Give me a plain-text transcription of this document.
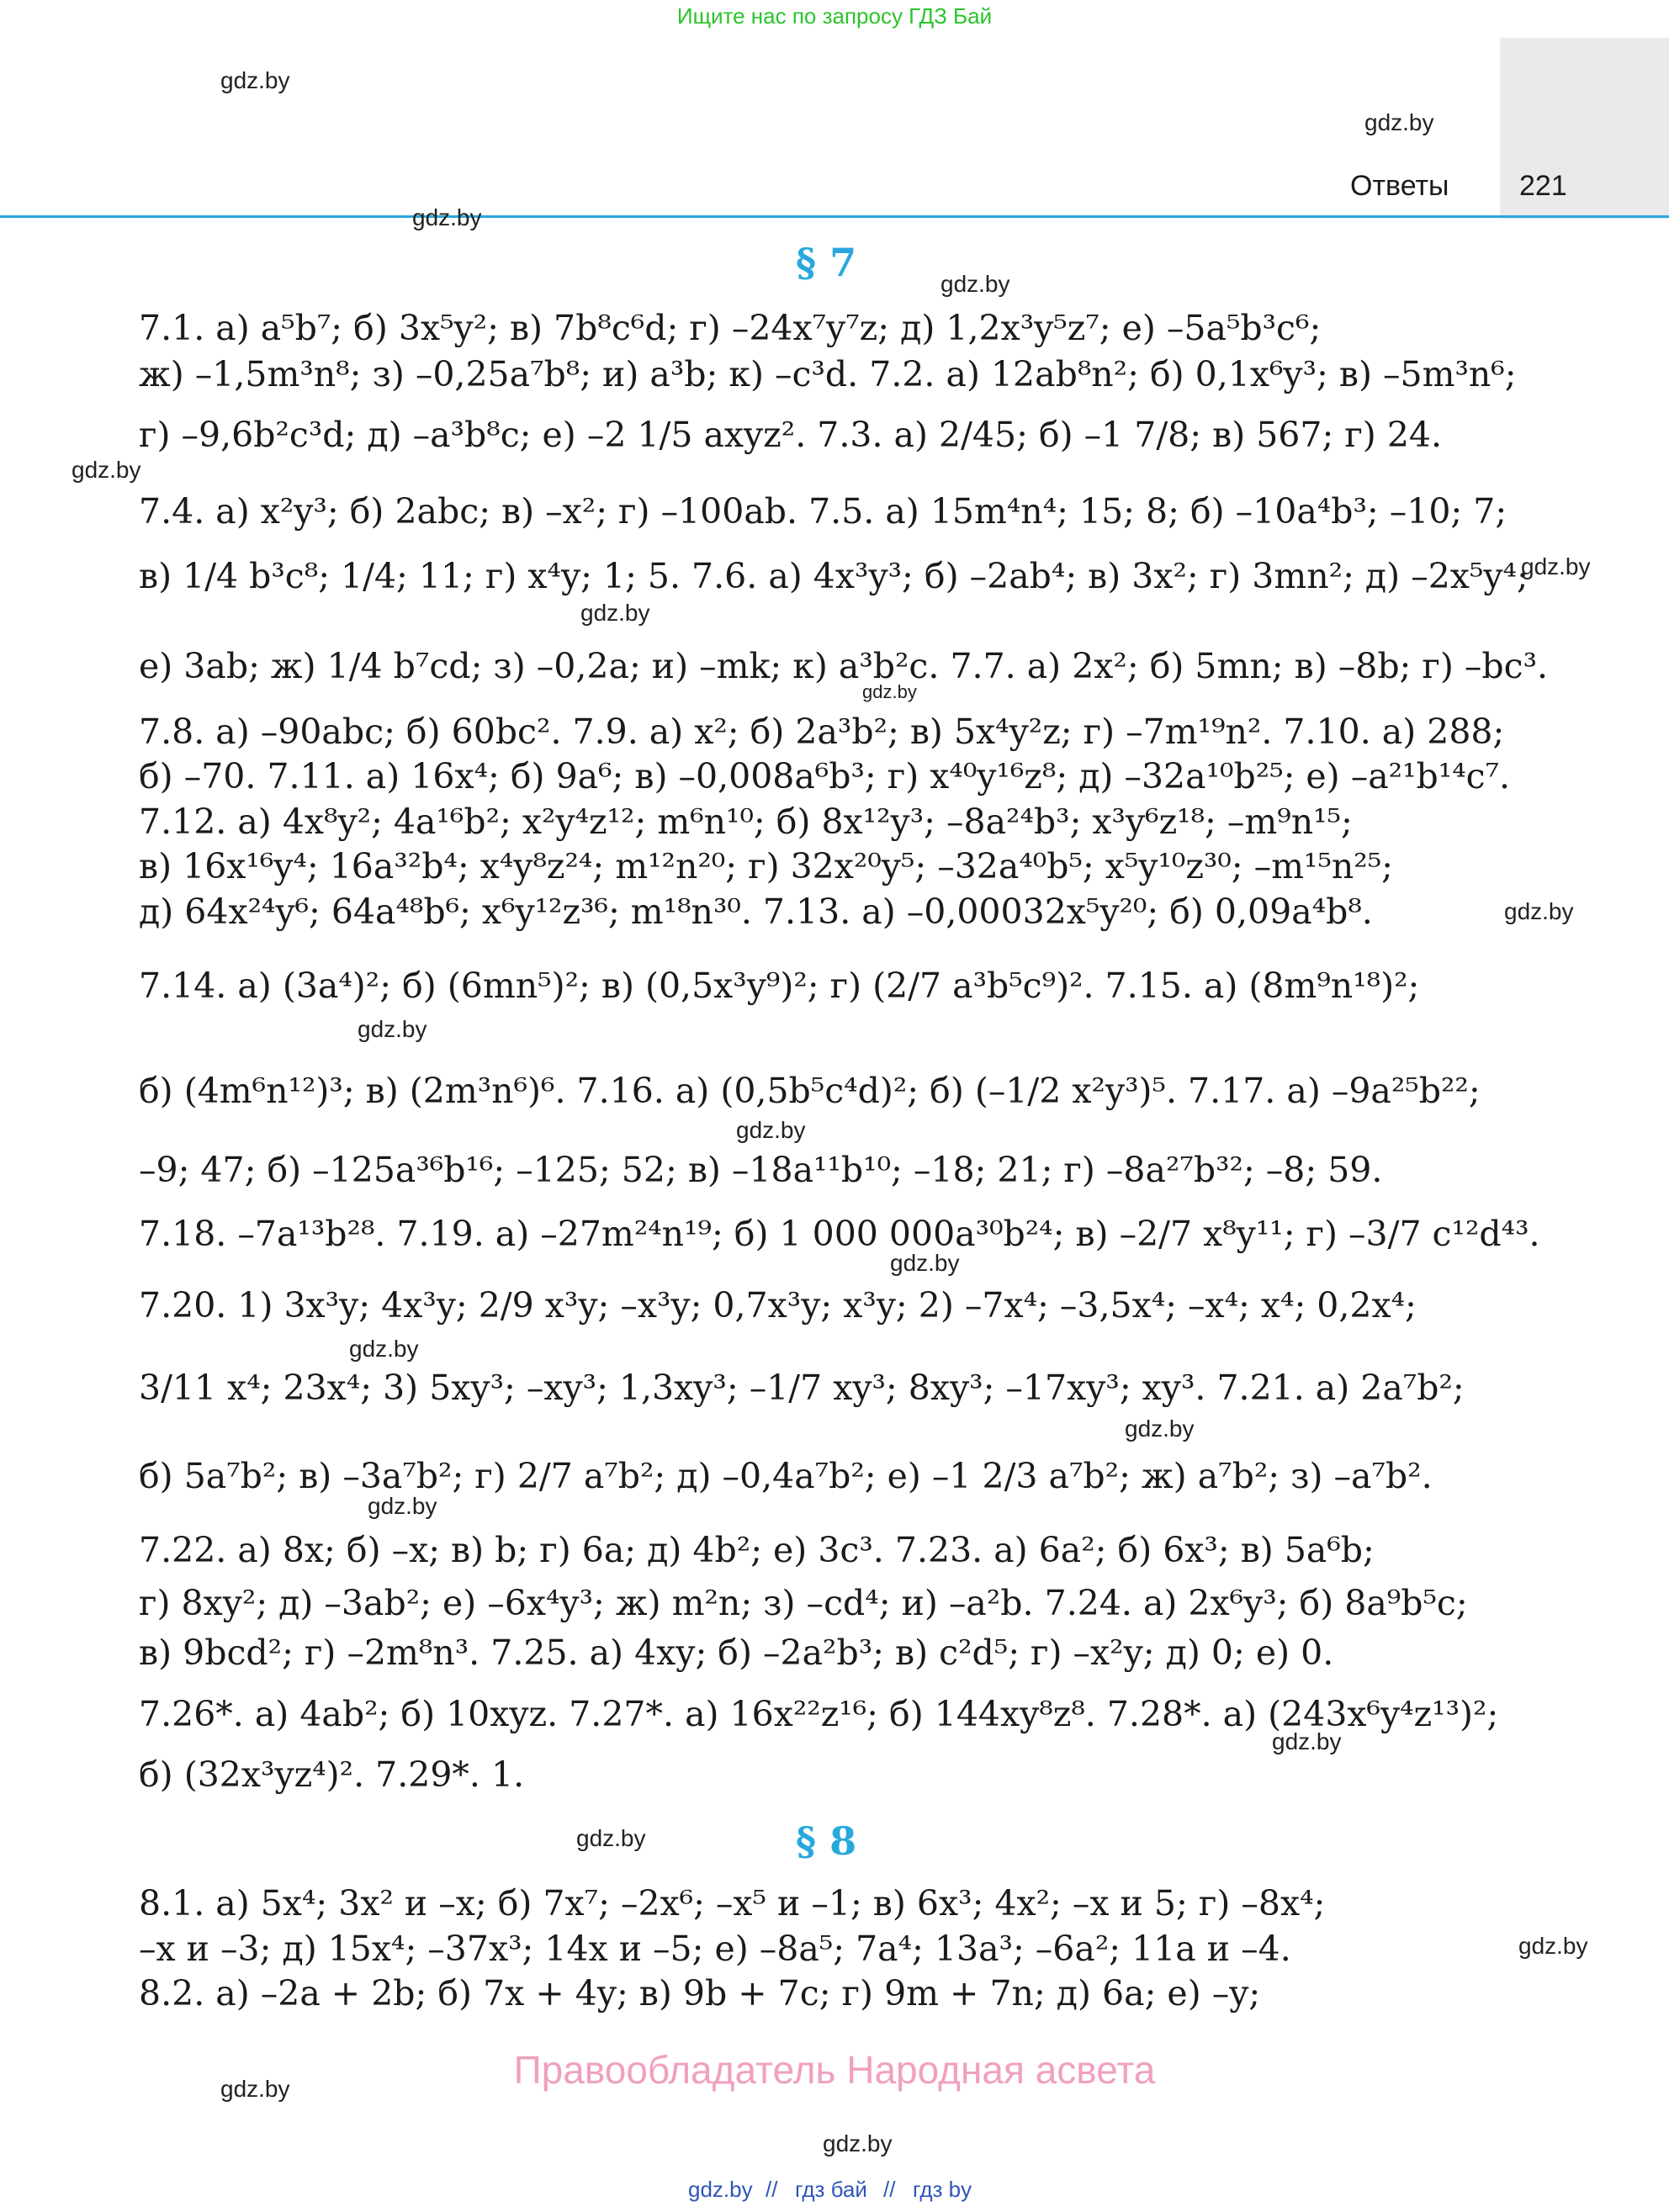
Ищите нас по запросу ГДЗ Бай
Ответы 221
gdz.by
gdz.by
gdz.by
gdz.by
gdz.by
gdz.by
gdz.by
gdz.by
gdz.by
gdz.by
gdz.by
gdz.by
gdz.by
gdz.by
gdz.by
gdz.by
gdz.by
gdz.by
gdz.by
gdz.by
§ 7
§ 8
7.1. а) a⁵b⁷; б) 3x⁵y²; в) 7b⁸c⁶d; г) –24x⁷y⁷z; д) 1,2x³y⁵z⁷; е) –5a⁵b³c⁶;
ж) –1,5m³n⁸; з) –0,25a⁷b⁸; и) a³b; к) –c³d. 7.2. а) 12ab⁸n²; б) 0,1x⁶y³; в) –5m³n⁶;
г) –9,6b²c³d; д) –a³b⁸c; е) –2 1/5 axyz². 7.3. а) 2/45; б) –1 7/8; в) 567; г) 24.
7.4. а) x²y³; б) 2abc; в) –x²; г) –100ab. 7.5. а) 15m⁴n⁴; 15; 8; б) –10a⁴b³; –10; 7;
в) 1/4 b³c⁸; 1/4; 11; г) x⁴y; 1; 5. 7.6. а) 4x³y³; б) –2ab⁴; в) 3x²; г) 3mn²; д) –2x⁵y⁴;
е) 3ab; ж) 1/4 b⁷cd; з) –0,2a; и) –mk; к) a³b²c. 7.7. а) 2x²; б) 5mn; в) –8b; г) –bc³.
7.8. а) –90abc; б) 60bc². 7.9. а) x²; б) 2a³b²; в) 5x⁴y²z; г) –7m¹⁹n². 7.10. а) 288;
б) –70. 7.11. а) 16x⁴; б) 9a⁶; в) –0,008a⁶b³; г) x⁴⁰y¹⁶z⁸; д) –32a¹⁰b²⁵; е) –a²¹b¹⁴c⁷.
7.12. а) 4x⁸y²; 4a¹⁶b²; x²y⁴z¹²; m⁶n¹⁰; б) 8x¹²y³; –8a²⁴b³; x³y⁶z¹⁸; –m⁹n¹⁵;
в) 16x¹⁶y⁴; 16a³²b⁴; x⁴y⁸z²⁴; m¹²n²⁰; г) 32x²⁰y⁵; –32a⁴⁰b⁵; x⁵y¹⁰z³⁰; –m¹⁵n²⁵;
д) 64x²⁴y⁶; 64a⁴⁸b⁶; x⁶y¹²z³⁶; m¹⁸n³⁰. 7.13. а) –0,00032x⁵y²⁰; б) 0,09a⁴b⁸.
7.14. а) (3a⁴)²; б) (6mn⁵)²; в) (0,5x³y⁹)²; г) (2/7 a³b⁵c⁹)². 7.15. а) (8m⁹n¹⁸)²;
б) (4m⁶n¹²)³; в) (2m³n⁶)⁶. 7.16. а) (0,5b⁵c⁴d)²; б) (–1/2 x²y³)⁵. 7.17. а) –9a²⁵b²²;
–9; 47; б) –125a³⁶b¹⁶; –125; 52; в) –18a¹¹b¹⁰; –18; 21; г) –8a²⁷b³²; –8; 59.
7.18. –7a¹³b²⁸. 7.19. а) –27m²⁴n¹⁹; б) 1 000 000a³⁰b²⁴; в) –2/7 x⁸y¹¹; г) –3/7 c¹²d⁴³.
7.20. 1) 3x³y; 4x³y; 2/9 x³y; –x³y; 0,7x³y; x³y; 2) –7x⁴; –3,5x⁴; –x⁴; x⁴; 0,2x⁴;
3/11 x⁴; 23x⁴; 3) 5xy³; –xy³; 1,3xy³; –1/7 xy³; 8xy³; –17xy³; xy³. 7.21. а) 2a⁷b²;
б) 5a⁷b²; в) –3a⁷b²; г) 2/7 a⁷b²; д) –0,4a⁷b²; е) –1 2/3 a⁷b²; ж) a⁷b²; з) –a⁷b².
7.22. а) 8x; б) –x; в) b; г) 6a; д) 4b²; е) 3c³. 7.23. а) 6a²; б) 6x³; в) 5a⁶b;
г) 8xy²; д) –3ab²; е) –6x⁴y³; ж) m²n; з) –cd⁴; и) –a²b. 7.24. а) 2x⁶y³; б) 8a⁹b⁵c;
в) 9bcd²; г) –2m⁸n³. 7.25. а) 4xy; б) –2a²b³; в) c²d⁵; г) –x²y; д) 0; е) 0.
7.26*. а) 4ab²; б) 10xyz. 7.27*. а) 16x²²z¹⁶; б) 144xy⁸z⁸. 7.28*. а) (243x⁶y⁴z¹³)²;
б) (32x³yz⁴)². 7.29*. 1.
8.1. а) 5x⁴; 3x² и –x; б) 7x⁷; –2x⁶; –x⁵ и –1; в) 6x³; 4x²; –x и 5; г) –8x⁴;
–x и –3; д) 15x⁴; –37x³; 14x и –5; е) –8a⁵; 7a⁴; 13a³; –6a²; 11a и –4.
8.2. а) –2a + 2b; б) 7x + 4y; в) 9b + 7c; г) 9m + 7n; д) 6a; е) –y;
Правообладатель Народная асвета
gdz.by // гдз бай // гдз by
